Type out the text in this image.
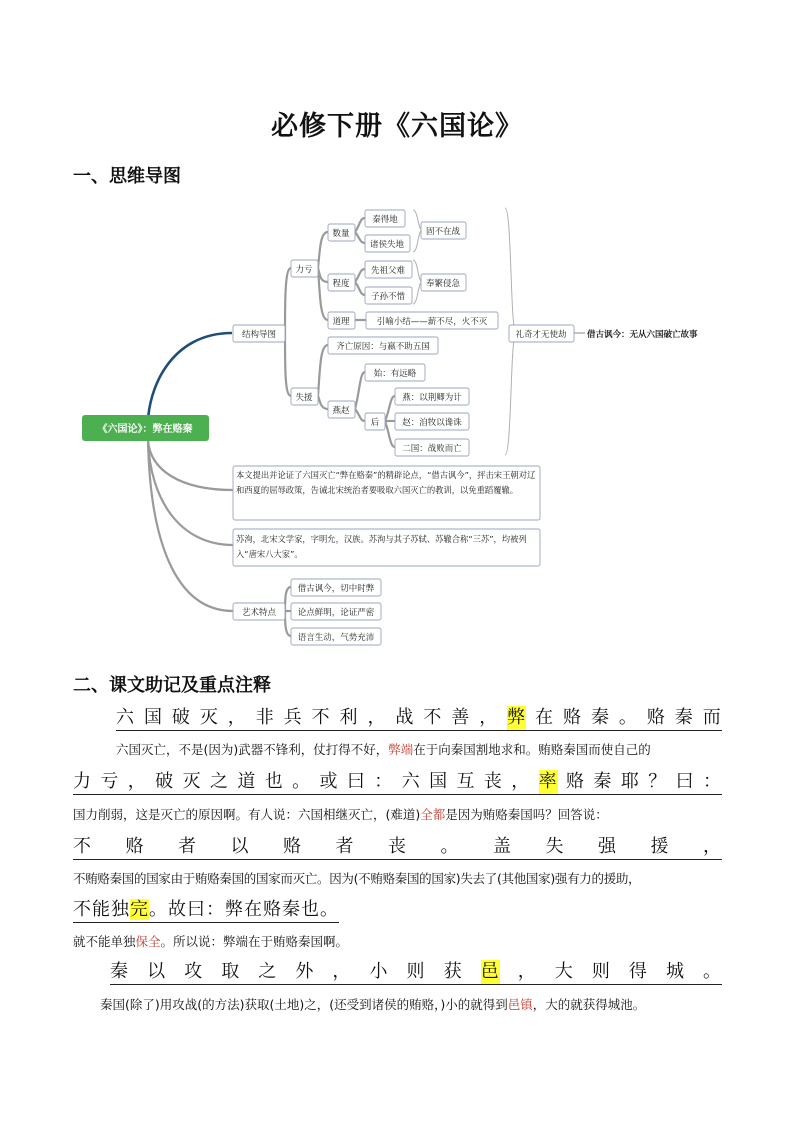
必修下册《六国论》
一、思维导图
《六国论》：弊在赂秦
结构导图
力亏
数量
秦得地
诸侯失地
固不在战
程度
先祖父难
子孙不惜
奉繁侵急
道理	引喻小结——薪不尽，火不灭
失援
齐亡原因：与嬴不助五国
燕赵
始：有远略
后
燕：以荆卿为计
赵：洎牧以谗诛
二国：战败而亡
礼奇才无使劫 借古讽今：无从六国破亡故事
本文提出并论证了六国灭亡“弊在赂秦”的精辟论点，“借古讽今”，抨击宋王朝对辽和西夏的屈辱政策，告诫北宋统治者要吸取六国灭亡的教训，以免重蹈覆辙。
苏洵，北宋文学家，字明允，汉族。苏洵与其子苏轼、苏辙合称“三苏”，均被列入“唐宋八大家”。
艺术特点
借古讽今，切中时弊
论点鲜明，论证严密
语言生动，气势充沛
二、课文助记及重点注释
六 国 破 灭 ， 非 兵 不 利 ， 战 不 善 ， 弊 在 赂 秦 。 赂 秦 而
六国灭亡，不是(因为)武器不锋利，仗打得不好，弊端在于向秦国割地求和。贿赂秦国而使自己的
力 亏 ， 破 灭 之 道 也 。 或 曰 ： 六 国 互 丧 ， 率 赂 秦 耶 ？ 曰 ：
国力削弱，这是灭亡的原因啊。有人说：六国相继灭亡，(难道)全都是因为贿赂秦国吗？回答说：
不 赂 者 以 赂 者 丧 。 盖 失 强 援 ，
不贿赂秦国的国家由于贿赂秦国的国家而灭亡。因为(不贿赂秦国的国家)失去了(其他国家)强有力的援助，
不能独完。故曰：弊在赂秦也。
就不能单独保全。所以说：弊端在于贿赂秦国啊。
秦 以 攻 取 之 外 ， 小 则 获 邑 ， 大 则 得 城 。
秦国(除了)用攻战(的方法)获取(土地)之，(还受到诸侯的贿赂，)小的就得到邑镇，大的就获得城池。
